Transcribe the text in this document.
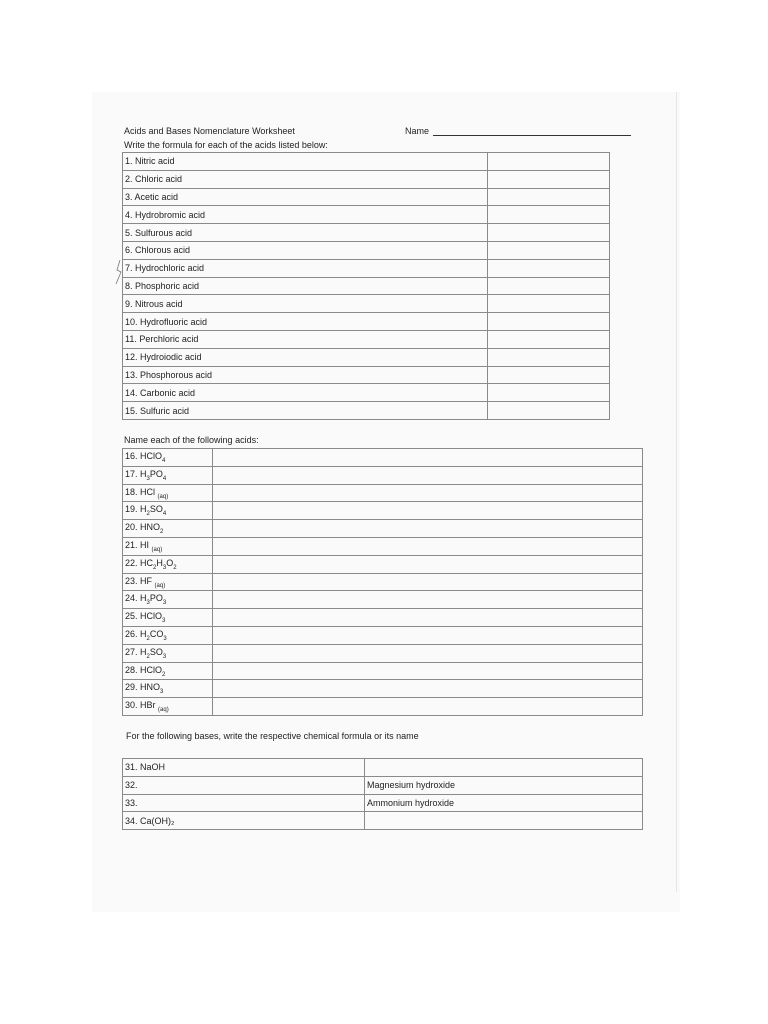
Acids and Bases Nomenclature Worksheet	Name
Write the formula for each of the acids listed below:
1. Nitric acid	
2. Chloric acid	
3. Acetic acid	
4. Hydrobromic acid	
5. Sulfurous acid	
6. Chlorous acid	
7. Hydrochloric acid	
8. Phosphoric acid	
9. Nitrous acid	
10. Hydrofluoric acid	
11. Perchloric acid	
12. Hydroiodic acid	
13. Phosphorous acid	
14. Carbonic acid	
15. Sulfuric acid	
Name each of the following acids:
16. HClO$_4$	
17. $H_3PO_4$	
18. HCl $_{(aq)}$	
19. $H_2SO_4$	
20. $HNO_2$	
21. HI $_{(aq)}$	
22. $HC_2H_3O_2$	
23. HF $_{(aq)}$	
24. $H_3PO_3$	
25. HClO$_3$	
26. $H_2CO_3$	
27. $H_2SO_3$	
28. HClO$_2$	
29. $HNO_3$	
30. HBr $_{(aq)}$	
For the following bases, write the respective chemical formula or its name
31. NaOH	
32.	Magnesium hydroxide
33.	Ammonium hydroxide
34. Ca(OH)₂	
